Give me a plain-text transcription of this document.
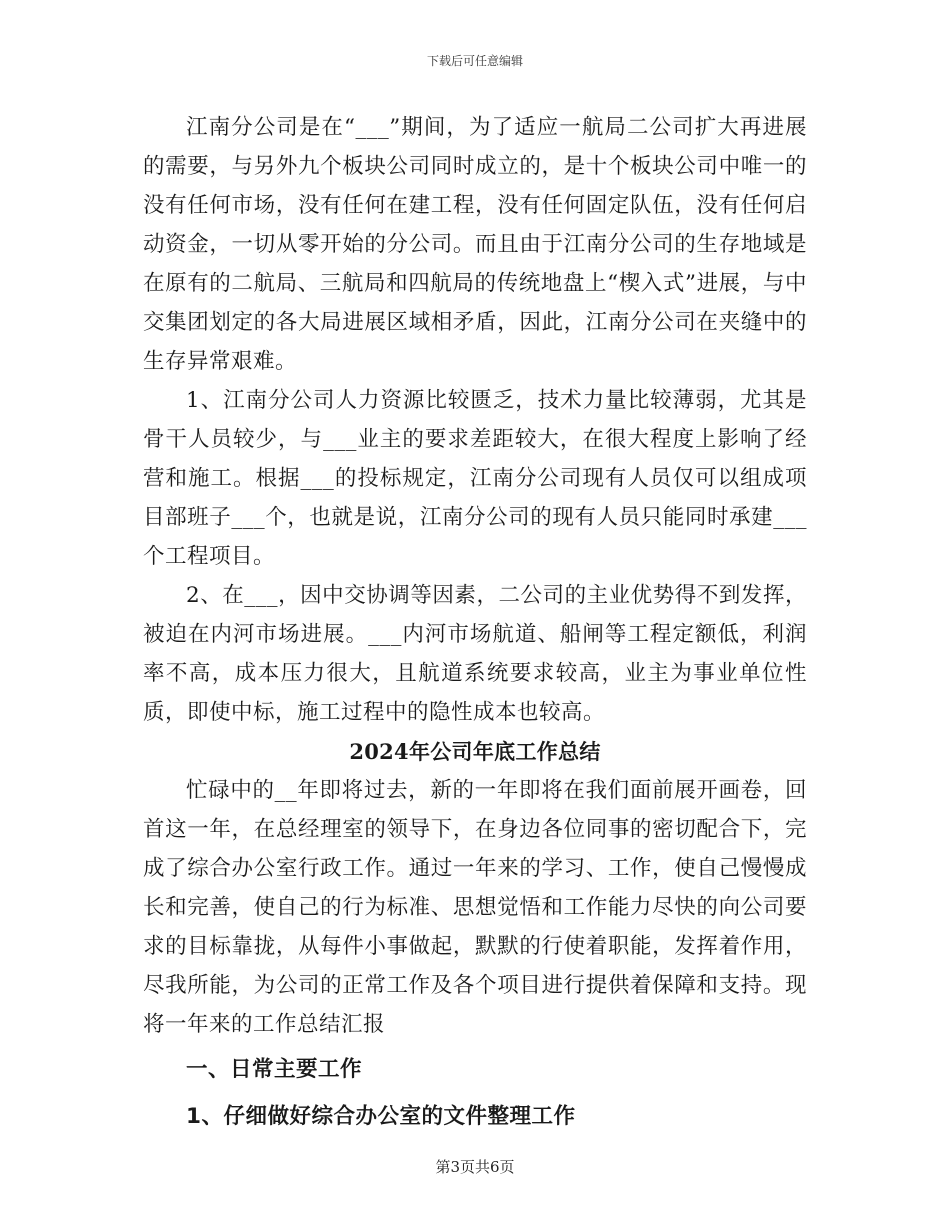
下载后可任意编辑

江南分公司是在“___”期间，为了适应一航局二公司扩大再进展的需要，与另外九个板块公司同时成立的，是十个板块公司中唯一的没有任何市场，没有任何在建工程，没有任何固定队伍，没有任何启动资金，一切从零开始的分公司。而且由于江南分公司的生存地域是在原有的二航局、三航局和四航局的传统地盘上“楔入式”进展，与中交集团划定的各大局进展区域相矛盾，因此，江南分公司在夹缝中的生存异常艰难。

1、江南分公司人力资源比较匮乏，技术力量比较薄弱，尤其是骨干人员较少，与___业主的要求差距较大，在很大程度上影响了经营和施工。根据___的投标规定，江南分公司现有人员仅可以组成项目部班子___个，也就是说，江南分公司的现有人员只能同时承建___个工程项目。

2、在___，因中交协调等因素，二公司的主业优势得不到发挥，被迫在内河市场进展。___内河市场航道、船闸等工程定额低，利润率不高，成本压力很大，且航道系统要求较高，业主为事业单位性质，即使中标，施工过程中的隐性成本也较高。

2024年公司年底工作总结

忙碌中的__年即将过去，新的一年即将在我们面前展开画卷，回首这一年，在总经理室的领导下，在身边各位同事的密切配合下，完成了综合办公室行政工作。通过一年来的学习、工作，使自己慢慢成长和完善，使自己的行为标准、思想觉悟和工作能力尽快的向公司要求的目标靠拢，从每件小事做起，默默的行使着职能，发挥着作用，尽我所能，为公司的正常工作及各个项目进行提供着保障和支持。现将一年来的工作总结汇报

一、日常主要工作

1、仔细做好综合办公室的文件整理工作

第3页共6页
